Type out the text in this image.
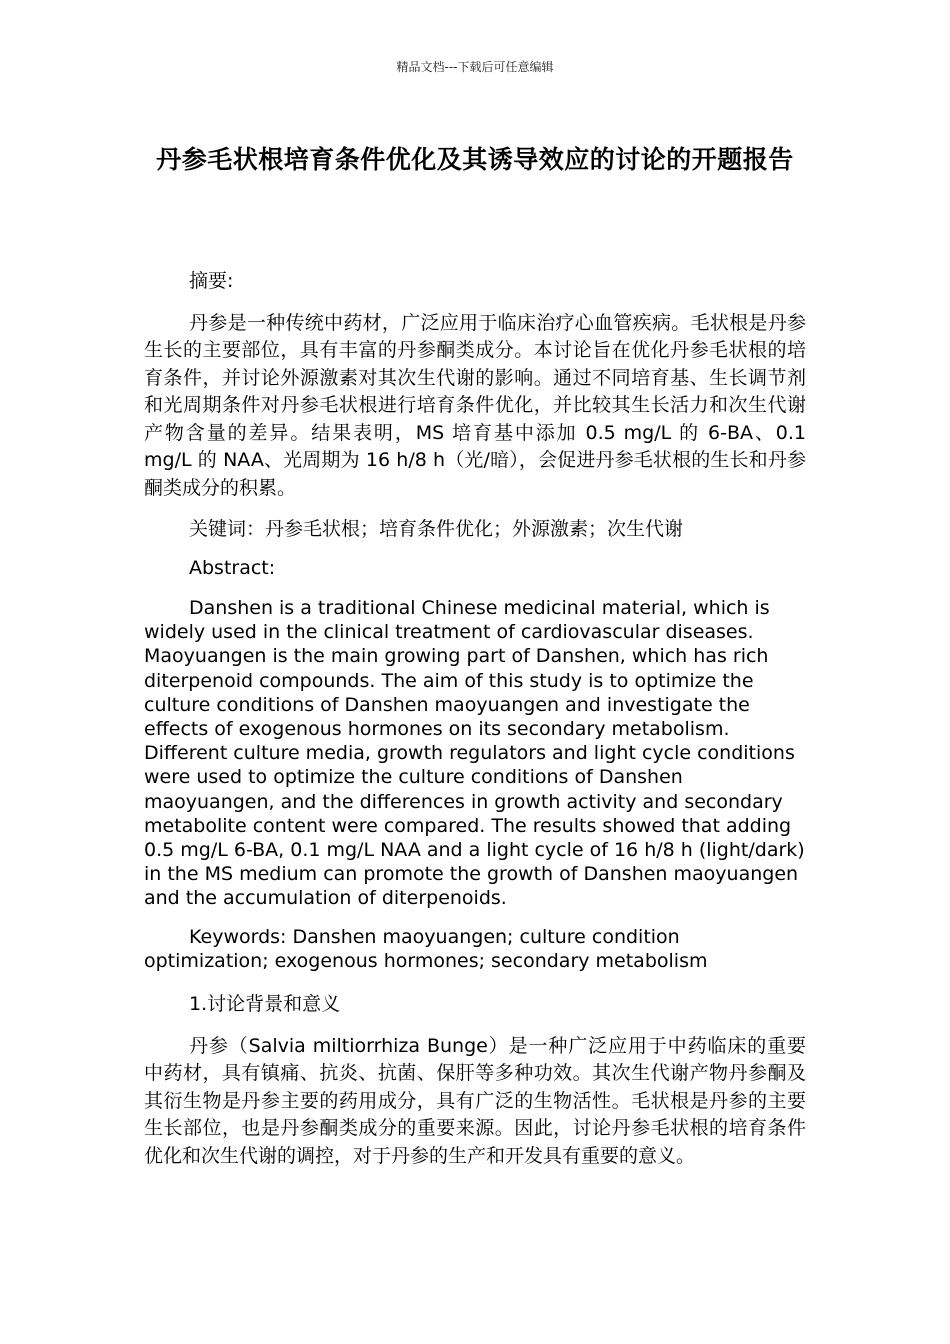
精品文档---下载后可任意编辑
丹参毛状根培育条件优化及其诱导效应的讨论的开题报告

摘要:

丹参是一种传统中药材，广泛应用于临床治疗心血管疾病。毛状根是丹参生长的主要部位，具有丰富的丹参酮类成分。本讨论旨在优化丹参毛状根的培育条件，并讨论外源激素对其次生代谢的影响。通过不同培育基、生长调节剂和光周期条件对丹参毛状根进行培育条件优化，并比较其生长活力和次生代谢产物含量的差异。结果表明，MS 培育基中添加 0.5 mg/L 的 6-BA、0.1 mg/L 的 NAA、光周期为 16 h/8 h（光/暗），会促进丹参毛状根的生长和丹参酮类成分的积累。

关键词：丹参毛状根；培育条件优化；外源激素；次生代谢

Abstract:

Danshen is a traditional Chinese medicinal material, which is widely used in the clinical treatment of cardiovascular diseases. Maoyuangen is the main growing part of Danshen, which has rich diterpenoid compounds. The aim of this study is to optimize the culture conditions of Danshen maoyuangen and investigate the effects of exogenous hormones on its secondary metabolism. Different culture media, growth regulators and light cycle conditions were used to optimize the culture conditions of Danshen maoyuangen, and the differences in growth activity and secondary metabolite content were compared. The results showed that adding 0.5 mg/L 6-BA, 0.1 mg/L NAA and a light cycle of 16 h/8 h (light/dark) in the MS medium can promote the growth of Danshen maoyuangen and the accumulation of diterpenoids.

Keywords: Danshen maoyuangen; culture condition optimization; exogenous hormones; secondary metabolism

1.讨论背景和意义

丹参（Salvia miltiorrhiza Bunge）是一种广泛应用于中药临床的重要中药材，具有镇痛、抗炎、抗菌、保肝等多种功效。其次生代谢产物丹参酮及其衍生物是丹参主要的药用成分，具有广泛的生物活性。毛状根是丹参的主要生长部位，也是丹参酮类成分的重要来源。因此，讨论丹参毛状根的培育条件优化和次生代谢的调控，对于丹参的生产和开发具有重要的意义。
